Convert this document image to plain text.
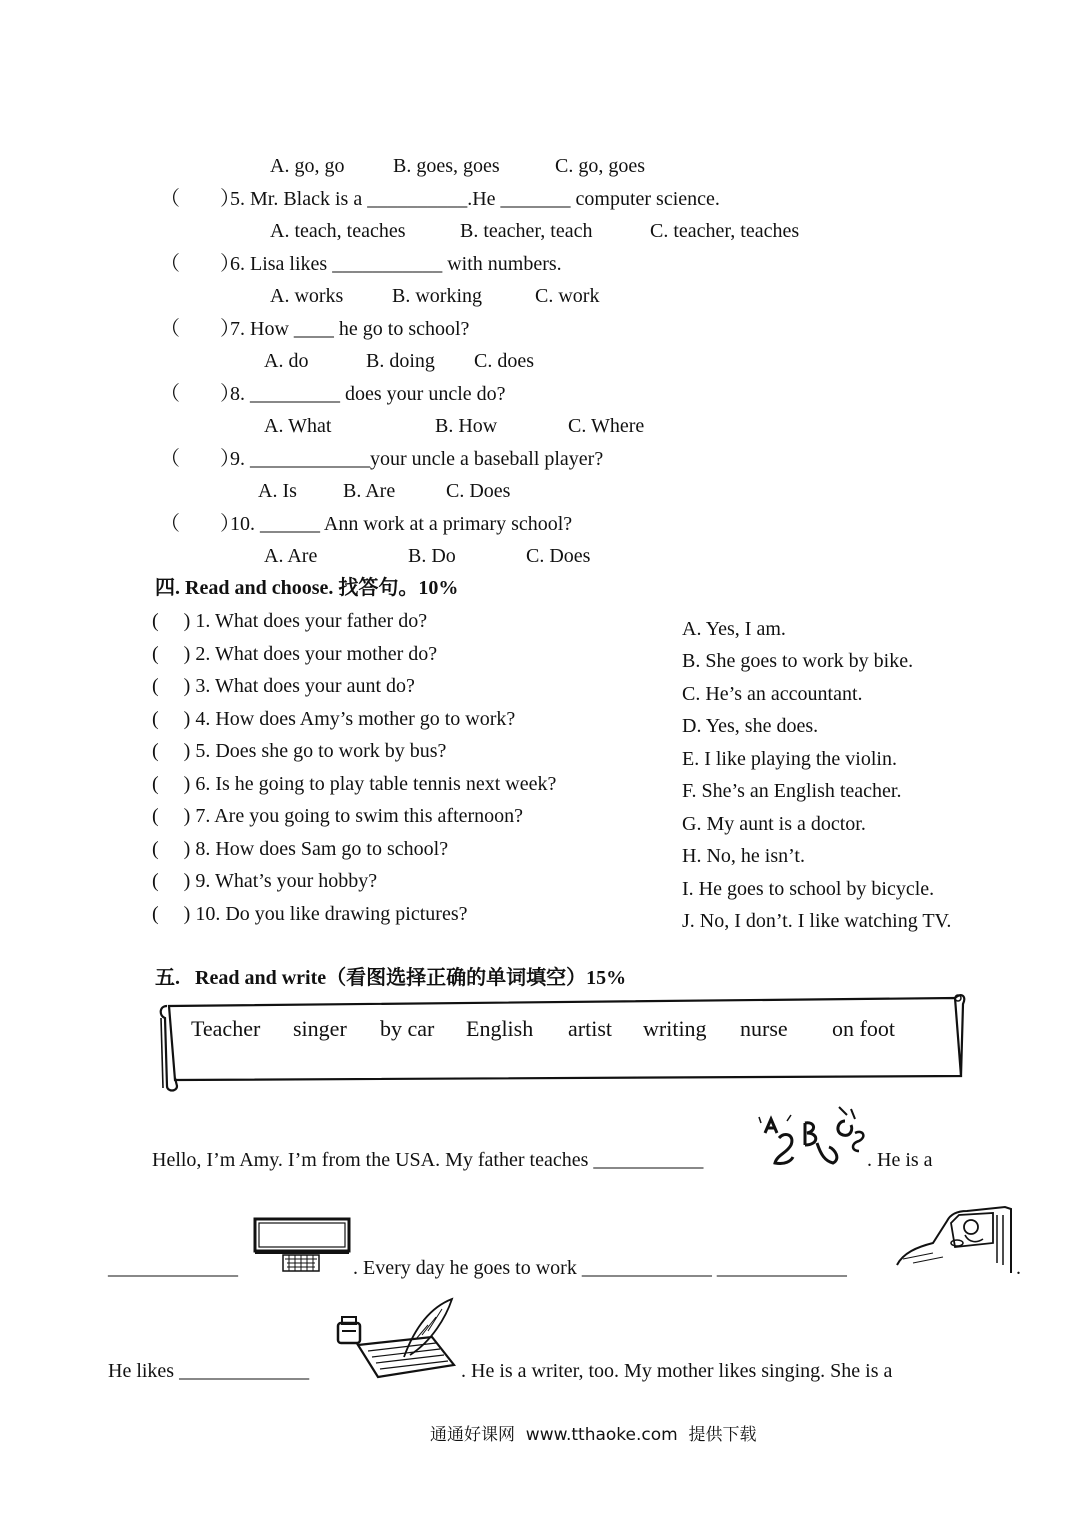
A. go, go B. goes, goes	C. go, goes
（　　）
5. Mr. Black is a __________.He _______ computer science.
A. teach, teaches	B. teacher, teach	C. teacher, teaches
（　　）
6. Lisa likes ___________ with numbers.
A. works B. working	C. work
（　　）
7. How ____ he go to school?
A. do	B. doing C. does
（　　）
8. _________ does your uncle do?
A. What	B. How	C. Where
（　　）
9. ____________your uncle a baseball player?
A. Is B. Are	C. Does
（　　）
10. ______ Ann work at a primary school?
A. Are	B. Do	C. Does
四. Read and choose. 找答句。10%
(     ) 1. What does your father do?
(     ) 2. What does your mother do?
(     ) 3. What does your aunt do?
(     ) 4. How does Amy’s mother go to work?
(     ) 5. Does she go to work by bus?
(     ) 6. Is he going to play table tennis next week?
(     ) 7. Are you going to swim this afternoon?
(     ) 8. How does Sam go to school?
(     ) 9. What’s your hobby?
(     ) 10. Do you like drawing pictures?
A. Yes, I am.
B. She goes to work by bike.
C. He’s an accountant.
D. Yes, she does.
E. I like playing the violin.
F. She’s an English teacher.
G. My aunt is a doctor.
H. No, he isn’t.
I. He goes to school by bicycle.
J. No, I don’t. I like watching TV.
五.   Read and write（看图选择正确的单词填空）15%
Teacher singer by car English artist writing nurse on foot
Hello, I’m Amy. I’m from the USA. My father teaches ___________	. He is a
_____________	. Every day he goes to work _____________ _____________	.
He likes _____________	. He is a writer, too. My mother likes singing. She is a
通通好课网  www.tthaoke.com  提供下载
